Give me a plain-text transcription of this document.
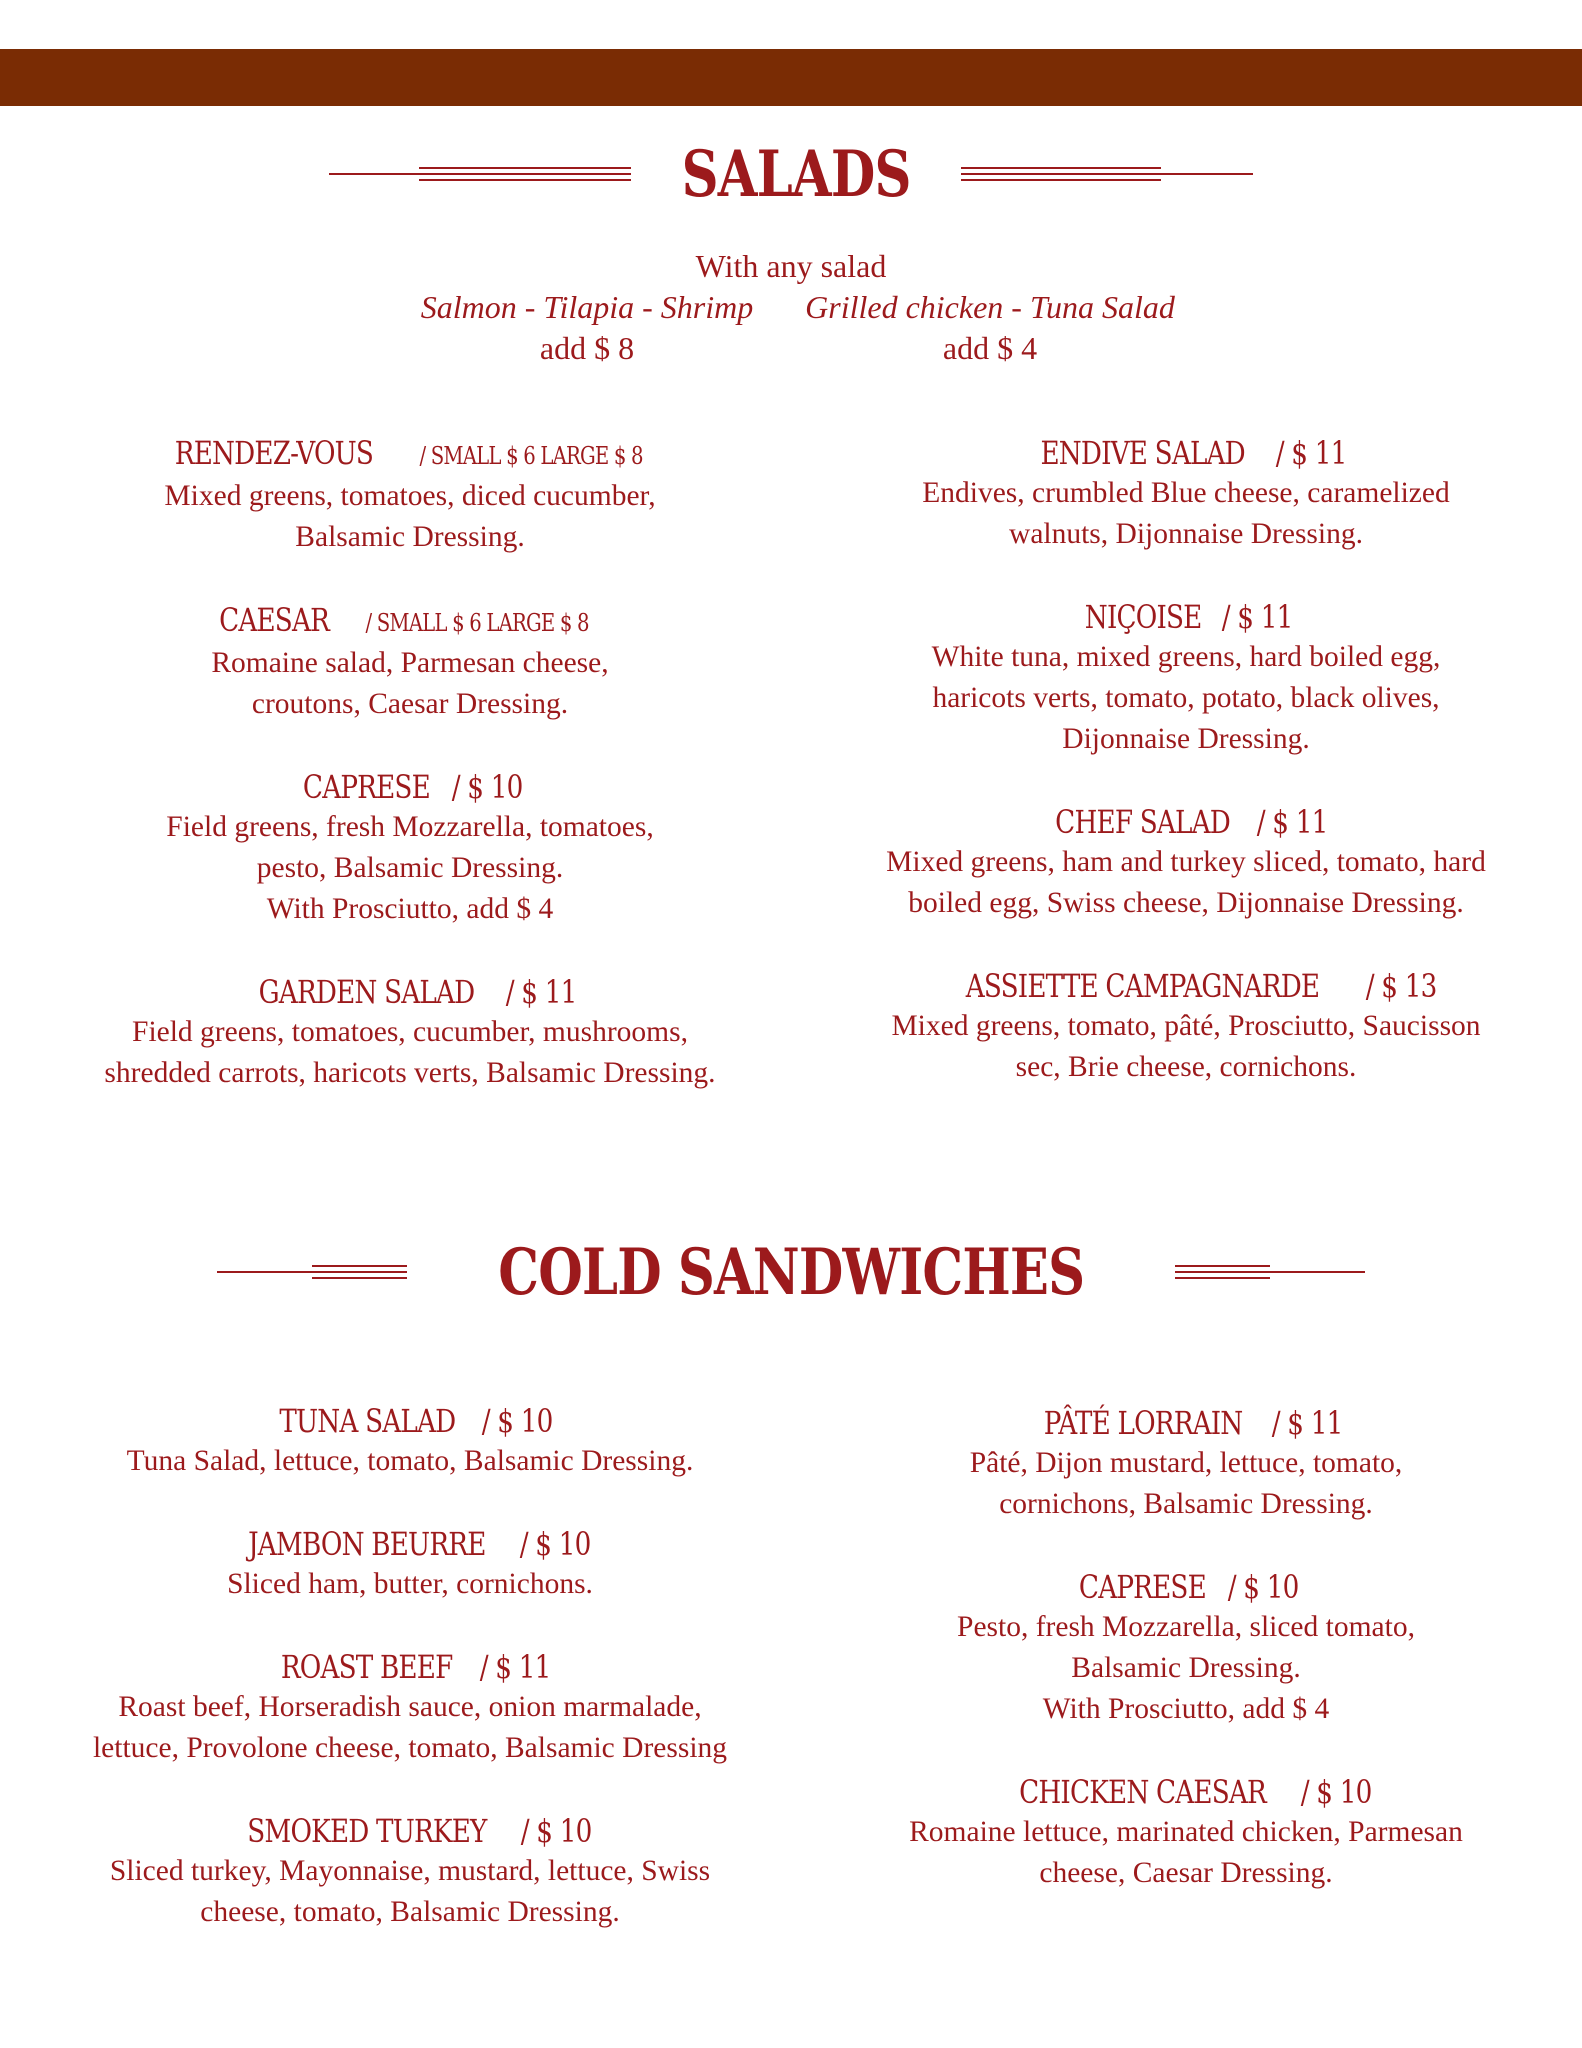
SALADS
With any salad
Salmon - Tilapia - Shrimp
add $ 8
Grilled chicken - Tuna Salad
add $ 4
RENDEZ-VOUS/ SMALL $ 6 LARGE $ 8
Mixed greens, tomatoes, diced cucumber,
Balsamic Dressing.
CAESAR/ SMALL $ 6 LARGE $ 8
Romaine salad, Parmesan cheese,
croutons, Caesar Dressing.
CAPRESE/ $ 10
Field greens, fresh Mozzarella, tomatoes,
pesto, Balsamic Dressing.
With Prosciutto, add $ 4
GARDEN SALAD/ $ 11
Field greens, tomatoes, cucumber, mushrooms,
shredded carrots, haricots verts, Balsamic Dressing.
ENDIVE SALAD/ $ 11
Endives, crumbled Blue cheese, caramelized
walnuts, Dijonnaise Dressing.
NIÇOISE/ $ 11
White tuna, mixed greens, hard boiled egg,
haricots verts, tomato, potato, black olives,
Dijonnaise Dressing.
CHEF SALAD/ $ 11
Mixed greens, ham and turkey sliced, tomato, hard
boiled egg, Swiss cheese, Dijonnaise Dressing.
ASSIETTE CAMPAGNARDE/ $ 13
Mixed greens, tomato, pâté, Prosciutto, Saucisson
sec, Brie cheese, cornichons.
COLD SANDWICHES
TUNA SALAD/ $ 10
Tuna Salad, lettuce, tomato, Balsamic Dressing.
JAMBON BEURRE/ $ 10
Sliced ham, butter, cornichons.
ROAST BEEF/ $ 11
Roast beef, Horseradish sauce, onion marmalade,
lettuce, Provolone cheese, tomato, Balsamic Dressing
SMOKED TURKEY/ $ 10
Sliced turkey, Mayonnaise, mustard, lettuce, Swiss
cheese, tomato, Balsamic Dressing.
PÂTÉ LORRAIN/ $ 11
Pâté, Dijon mustard, lettuce, tomato,
cornichons, Balsamic Dressing.
CAPRESE/ $ 10
Pesto, fresh Mozzarella, sliced tomato,
Balsamic Dressing.
With Prosciutto, add $ 4
CHICKEN CAESAR/ $ 10
Romaine lettuce, marinated chicken, Parmesan
cheese, Caesar Dressing.
